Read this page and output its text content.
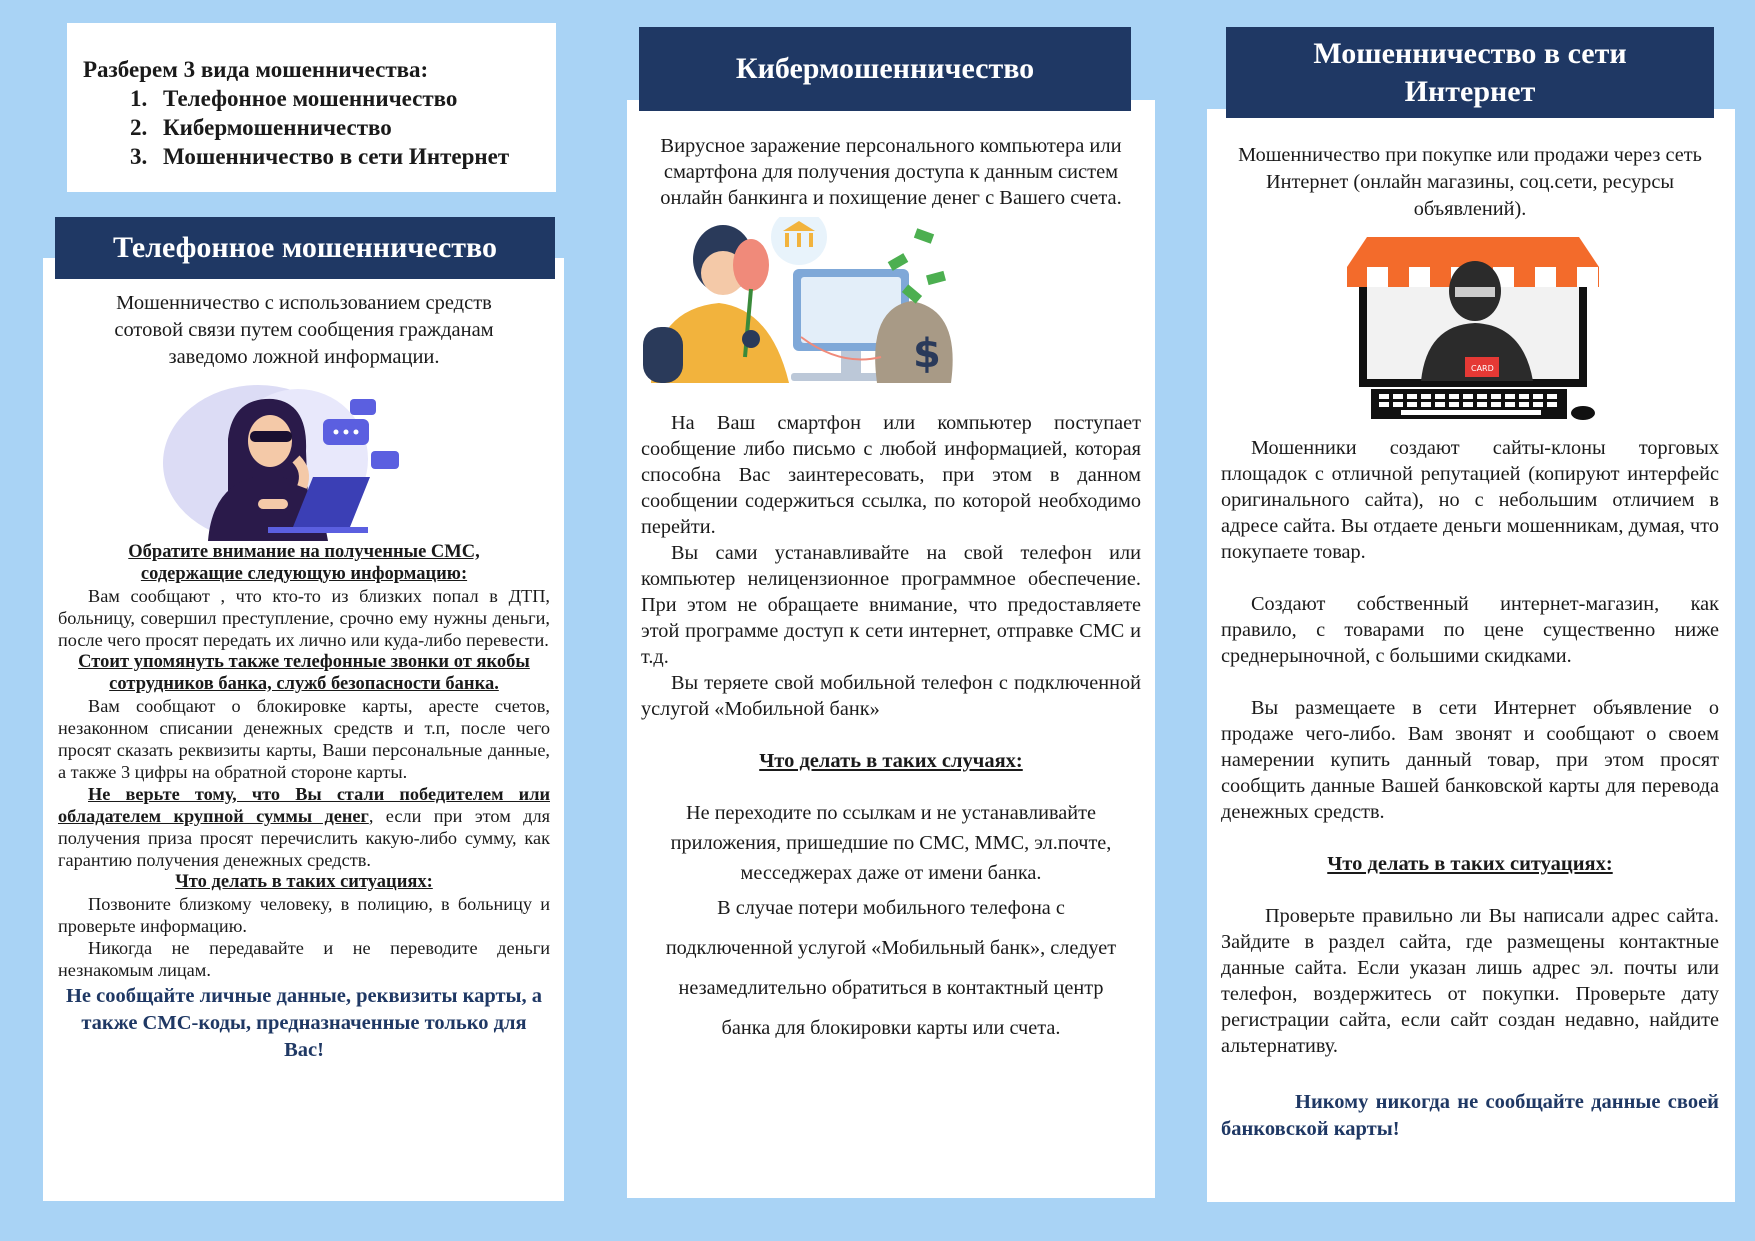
Разберем 3 вида мошенничества:

1. Телефонное мошенничество
2. Кибермошенничество
3. Мошенничество в сети Интернет
Телефонное мошенничество

Мошенничество с использованием средств сотовой связи путем сообщения гражданам заведомо ложной информации.

Обратите внимание на полученные СМС, содержащие следующую информацию:

Вам сообщают , что кто-то из близких попал в ДТП, больницу, совершил преступление, срочно ему нужны деньги, после чего просят передать их лично или куда-либо перевести.

Стоит упомянуть также телефонные звонки от якобы сотрудников банка, служб безопасности банка.

Вам сообщают о блокировке карты, аресте счетов, незаконном списании денежных средств и т.п, после чего просят сказать реквизиты карты, Ваши персональные данные, а также 3 цифры на обратной стороне карты.

Не верьте тому, что Вы стали победителем или обладателем крупной суммы денег, если при этом для получения приза просят перечислить какую-либо сумму, как гарантию получения денежных средств.

Что делать в таких ситуациях:

Позвоните близкому человеку, в полицию, в больницу и проверьте информацию.

Никогда не передавайте и не переводите деньги незнакомым лицам.

Не сообщайте личные данные, реквизиты карты, а также СМС-коды, предназначенные только для Вас!

Кибермошенничество

Вирусное заражение персонального компьютера или смартфона для получения доступа к данным систем онлайн банкинга и похищение денег с Вашего счета.

$

На Ваш смартфон или компьютер поступает сообщение либо письмо с любой информацией, которая способна Вас заинтересовать, при этом в данном сообщении содержиться ссылка, по которой необходимо перейти.

Вы сами устанавливайте на свой телефон или компьютер нелицензионное программное обеспечение. При этом не обращаете внимание, что предоставляете этой программе доступ к сети интернет, отправке СМС и т.д.

Вы теряете свой мобильной телефон с подключенной услугой «Мобильной банк»

Что делать в таких случаях:

Не переходите по ссылкам и не устанавливайте приложения, пришедшие по СМС, ММС, эл.почте, месседжерах даже от имени банка.

В случае потери мобильного телефона с подключенной услугой «Мобильный банк», следует незамедлительно обратиться в контактный центр банка для блокировки карты или счета.

Мошенничество в сети Интернет

Мошенничество при покупке или продажи через сеть Интернет (онлайн магазины, соц.сети, ресурсы объявлений).

CARD

Мошенники создают сайты-клоны торговых площадок с отличной репутацией (копируют интерфейс оригинального сайта), но с небольшим отличием в адресе сайта. Вы отдаете деньги мошенникам, думая, что покупаете товар.

Создают собственный интернет-магазин, как правило, с товарами по цене существенно ниже среднерыночной, с большими скидками.

Вы размещаете в сети Интернет объявление о продаже чего-либо. Вам звонят и сообщают о своем намерении купить данный товар, при этом просят сообщить данные Вашей банковской карты для перевода денежных средств.

Что делать в таких ситуациях:

Проверьте правильно ли Вы написали адрес сайта. Зайдите в раздел сайта, где размещены контактные данные сайта. Если указан лишь адрес эл. почты или телефон, воздержитесь от покупки. Проверьте дату регистрации сайта, если сайт создан недавно, найдите альтернативу.

Никому никогда не сообщайте данные своей банковской карты!
